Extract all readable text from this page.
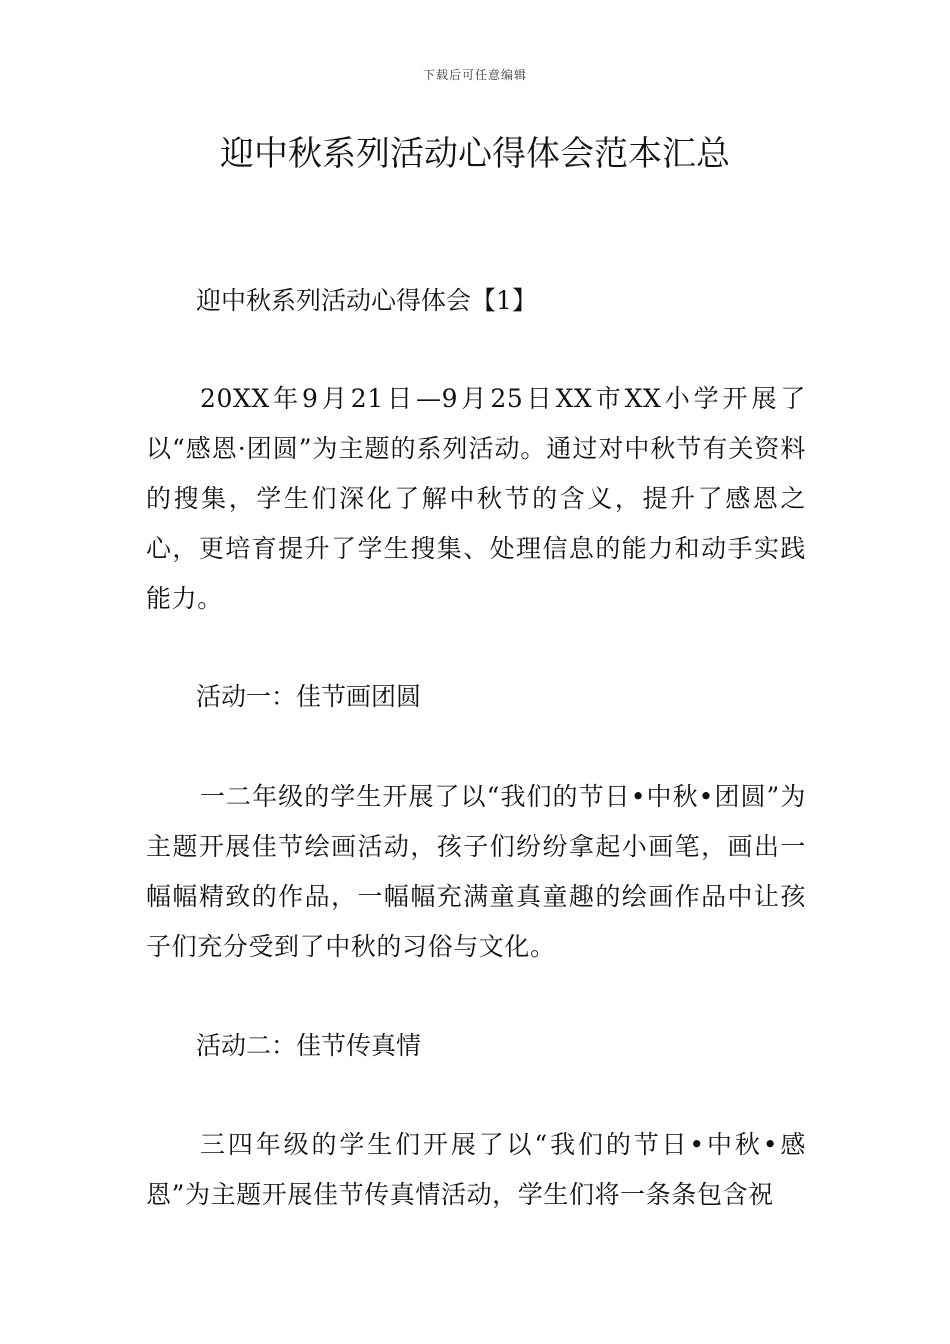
下载后可任意编辑
迎中秋系列活动心得体会范本汇总

迎中秋系列活动心得体会【1】

20XX年9月21日—9月25日XX市XX小学开展了以“感恩·团圆”为主题的系列活动。通过对中秋节有关资料的搜集，学生们深化了解中秋节的含义，提升了感恩之心，更培育提升了学生搜集、处理信息的能力和动手实践能力。

活动一：佳节画团圆

一二年级的学生开展了以“我们的节日•中秋•团圆”为主题开展佳节绘画活动，孩子们纷纷拿起小画笔，画出一幅幅精致的作品，一幅幅充满童真童趣的绘画作品中让孩子们充分受到了中秋的习俗与文化。

活动二：佳节传真情

三四年级的学生们开展了以“我们的节日•中秋•感恩”为主题开展佳节传真情活动，学生们将一条条包含祝
